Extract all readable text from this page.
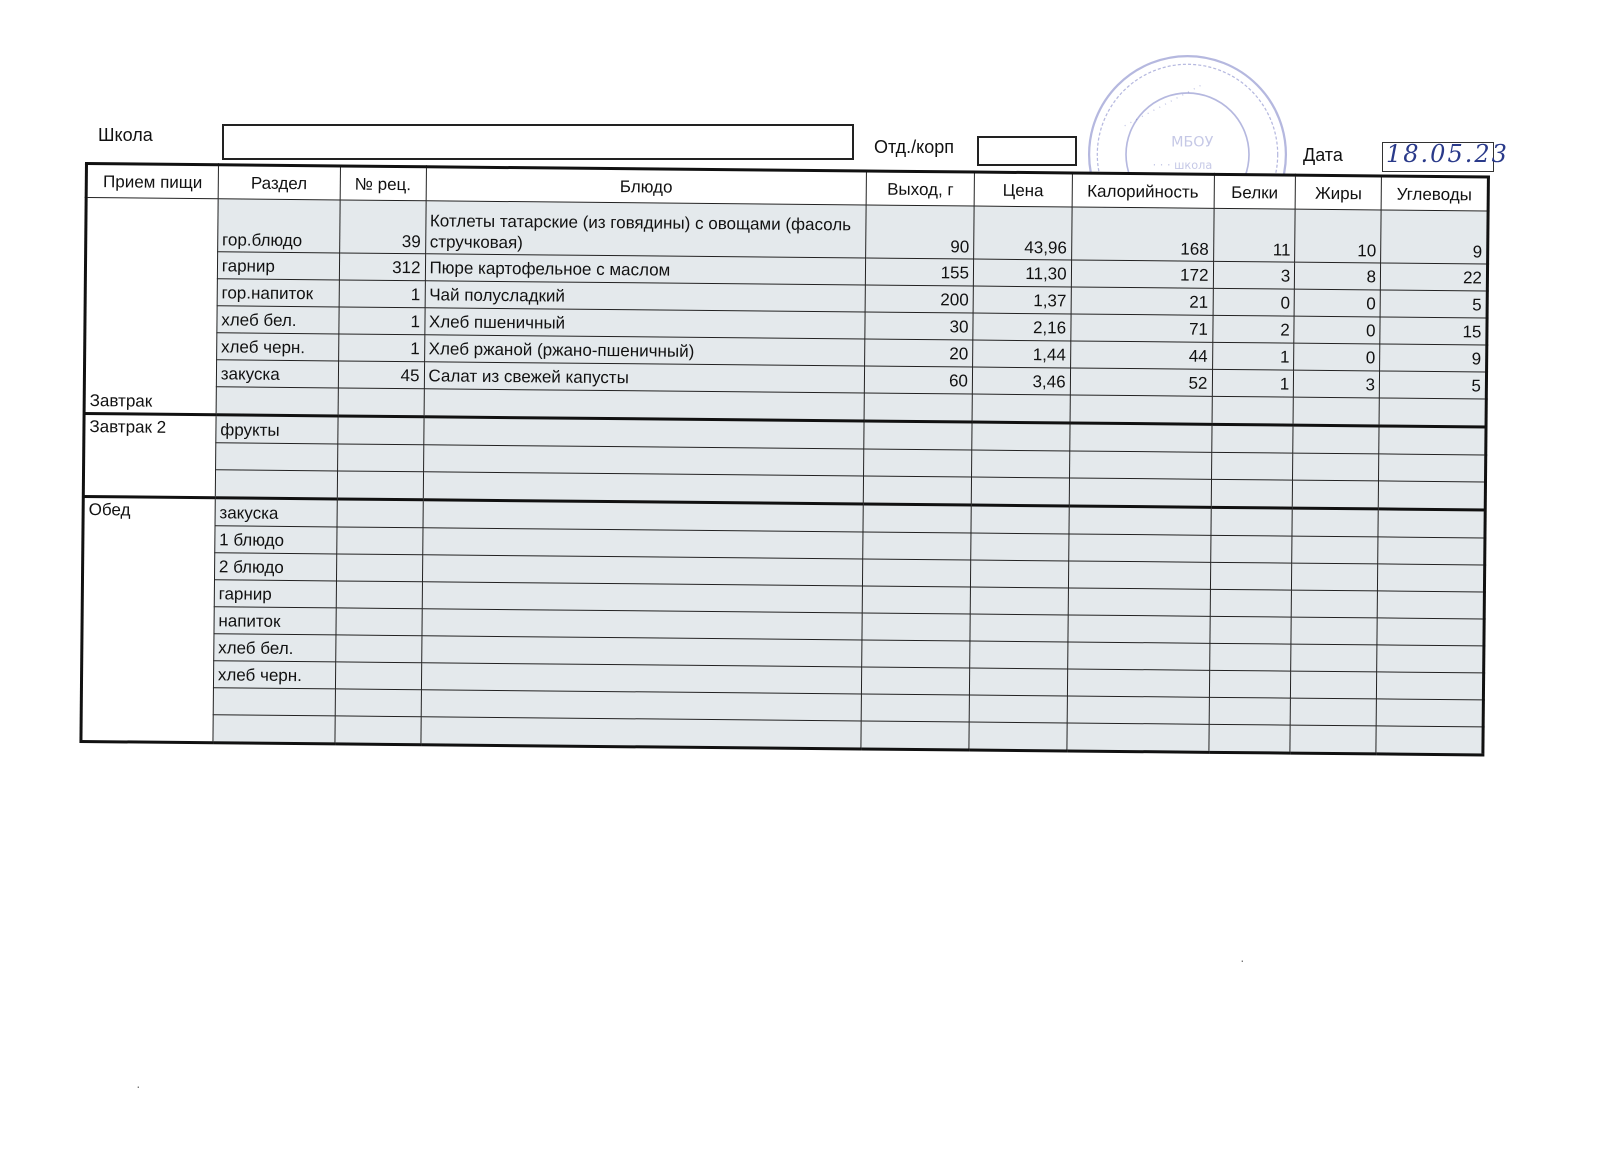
Школа
Отд./корп
· · · · · · · · · · · · · ·
МБОУ
· · · школа
Дата 18.05.23
Прием пищи	Раздел	№ рец.	Блюдо	Выход, г	Цена	Калорийность	Белки	Жиры	Углеводы
Завтрак	гор.блюдо	39	Котлеты татарские (из говядины) с овощами (фасоль стручковая)	90	43,96	168	11	10	9
	гарнир	312	Пюре картофельное с маслом	155	11,30	172	3	8	22
	гор.напиток	1	Чай полусладкий	200	1,37	21	0	0	5
	хлеб бел.	1	Хлеб пшеничный	30	2,16	71	2	0	15
	хлеб черн.	1	Хлеб ржаной (ржано-пшеничный)	20	1,44	44	1	0	9
	закуска	45	Салат из свежей капусты	60	3,46	52	1	3	5

Завтрак 2	фрукты								

Обед	закуска								
	1 блюдо								
	2 блюдо								
	гарнир								
	напиток								
	хлеб бел.								
	хлеб черн.								

·
·
